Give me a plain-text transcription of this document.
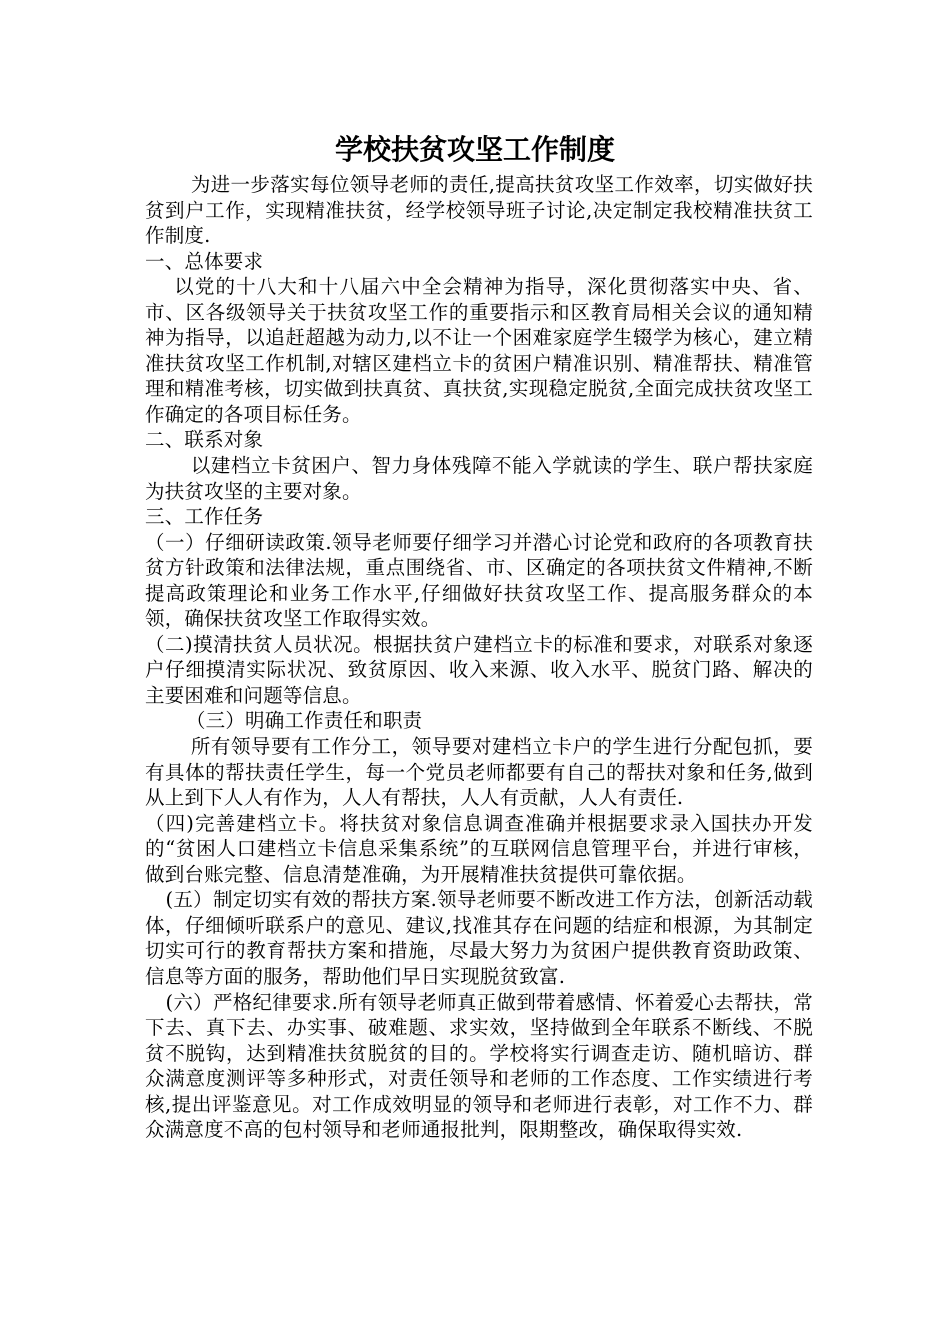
学校扶贫攻坚工作制度

为进一步落实每位领导老师的责任,提高扶贫攻坚工作效率，切实做好扶贫到户工作，实现精准扶贫，经学校领导班子讨论,决定制定我校精准扶贫工作制度.

一、总体要求

以党的十八大和十八届六中全会精神为指导，深化贯彻落实中央、省、市、区各级领导关于扶贫攻坚工作的重要指示和区教育局相关会议的通知精神为指导，以追赶超越为动力,以不让一个困难家庭学生辍学为核心，建立精准扶贫攻坚工作机制,对辖区建档立卡的贫困户精准识别、精准帮扶、精准管理和精准考核，切实做到扶真贫、真扶贫,实现稳定脱贫,全面完成扶贫攻坚工作确定的各项目标任务。

二、联系对象

以建档立卡贫困户、智力身体残障不能入学就读的学生、联户帮扶家庭为扶贫攻坚的主要对象。

三、工作任务

（一）仔细研读政策.领导老师要仔细学习并潜心讨论党和政府的各项教育扶贫方针政策和法律法规，重点围绕省、市、区确定的各项扶贫文件精神,不断提高政策理论和业务工作水平,仔细做好扶贫攻坚工作、提高服务群众的本领，确保扶贫攻坚工作取得实效。

（二)摸清扶贫人员状况。根据扶贫户建档立卡的标准和要求，对联系对象逐户仔细摸清实际状况、致贫原因、收入来源、收入水平、脱贫门路、解决的主要困难和问题等信息。

（三）明确工作责任和职责

所有领导要有工作分工，领导要对建档立卡户的学生进行分配包抓，要有具体的帮扶责任学生，每一个党员老师都要有自己的帮扶对象和任务,做到从上到下人人有作为，人人有帮扶，人人有贡献，人人有责任.

（四)完善建档立卡。将扶贫对象信息调查准确并根据要求录入国扶办开发的“贫困人口建档立卡信息采集系统”的互联网信息管理平台，并进行审核，做到台账完整、信息清楚准确，为开展精准扶贫提供可靠依据。

(五）制定切实有效的帮扶方案.领导老师要不断改进工作方法，创新活动载体，仔细倾听联系户的意见、建议,找准其存在问题的结症和根源，为其制定切实可行的教育帮扶方案和措施，尽最大努力为贫困户提供教育资助政策、信息等方面的服务，帮助他们早日实现脱贫致富.

(六）严格纪律要求.所有领导老师真正做到带着感情、怀着爱心去帮扶，常下去、真下去、办实事、破难题、求实效，坚持做到全年联系不断线、不脱贫不脱钩，达到精准扶贫脱贫的目的。学校将实行调查走访、随机暗访、群众满意度测评等多种形式，对责任领导和老师的工作态度、工作实绩进行考核,提出评鉴意见。对工作成效明显的领导和老师进行表彰，对工作不力、群众满意度不高的包村领导和老师通报批判，限期整改，确保取得实效.
